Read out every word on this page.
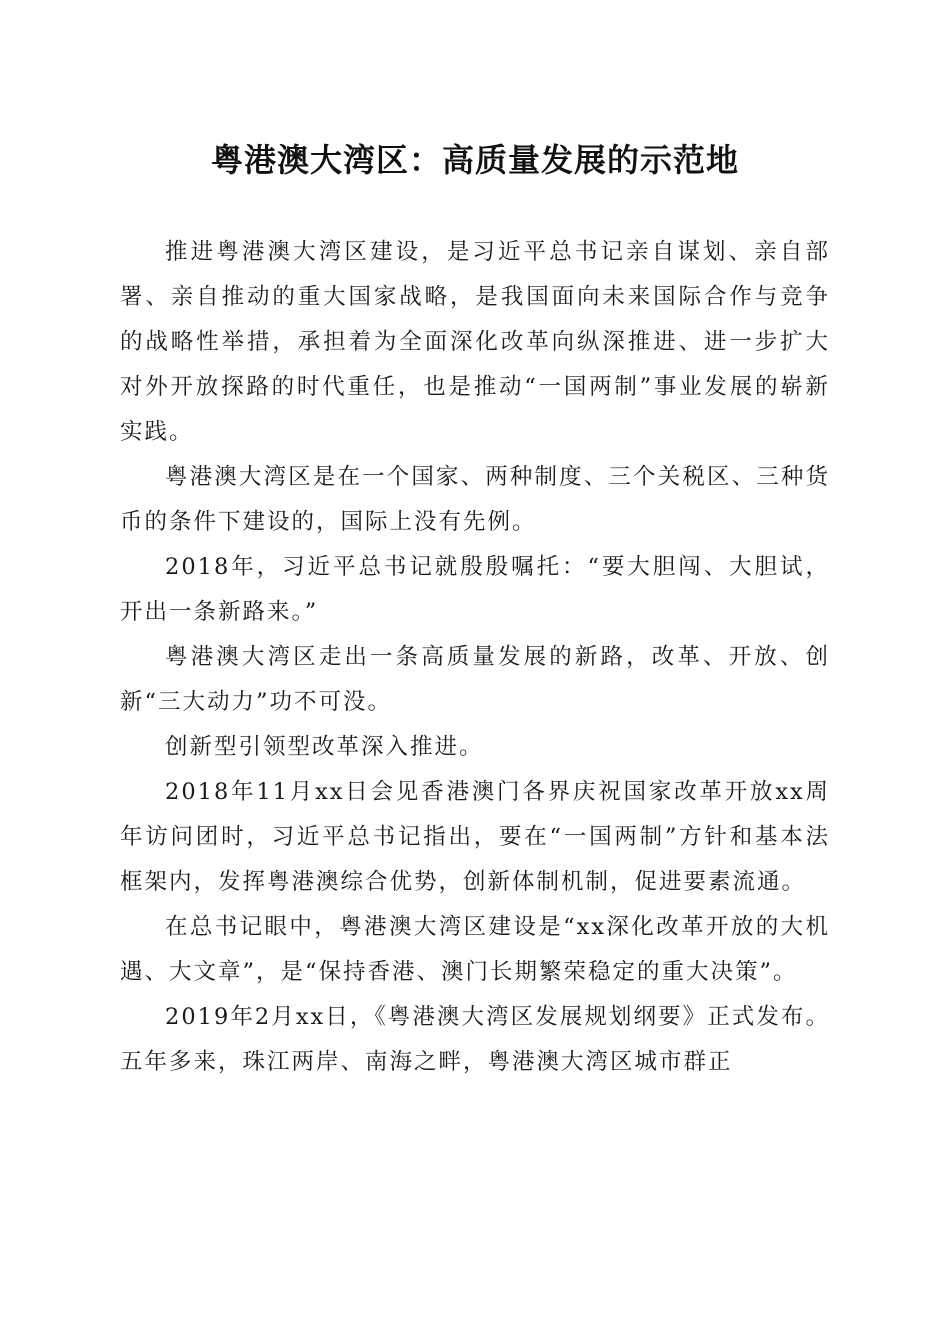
粤港澳大湾区：高质量发展的示范地

推进粤港澳大湾区建设，是习近平总书记亲自谋划、亲自部署、亲自推动的重大国家战略，是我国面向未来国际合作与竞争的战略性举措，承担着为全面深化改革向纵深推进、进一步扩大对外开放探路的时代重任，也是推动“一国两制”事业发展的崭新实践。

粤港澳大湾区是在一个国家、两种制度、三个关税区、三种货币的条件下建设的，国际上没有先例。

2018年，习近平总书记就殷殷嘱托：“要大胆闯、大胆试，开出一条新路来。”

粤港澳大湾区走出一条高质量发展的新路，改革、开放、创新“三大动力”功不可没。

创新型引领型改革深入推进。

2018年11月xx日会见香港澳门各界庆祝国家改革开放xx周年访问团时，习近平总书记指出，要在“一国两制”方针和基本法框架内，发挥粤港澳综合优势，创新体制机制，促进要素流通。

在总书记眼中，粤港澳大湾区建设是“xx深化改革开放的大机遇、大文章”，是“保持香港、澳门长期繁荣稳定的重大决策”。

2019年2月xx日，《粤港澳大湾区发展规划纲要》正式发布。五年多来，珠江两岸、南海之畔，粤港澳大湾区城市群正
